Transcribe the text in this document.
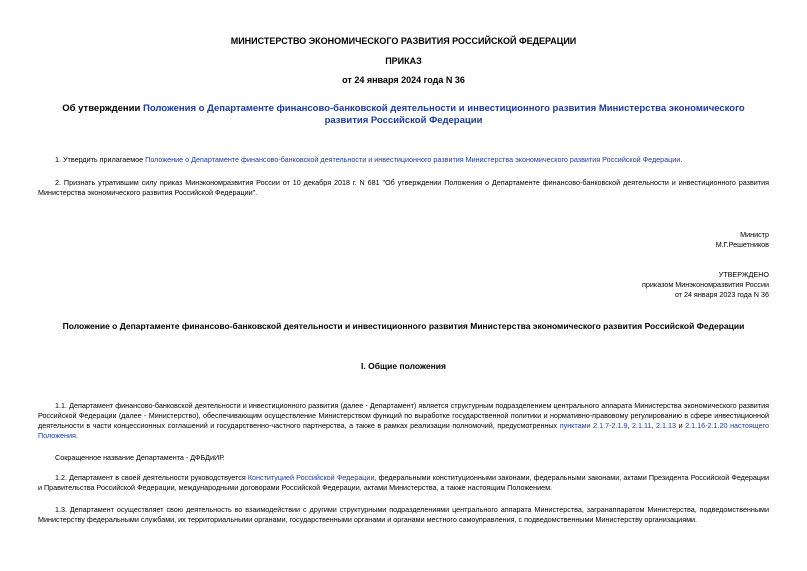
МИНИСТЕРСТВО ЭКОНОМИЧЕСКОГО РАЗВИТИЯ РОССИЙСКОЙ ФЕДЕРАЦИИ
ПРИКАЗ
от 24 января 2024 года N 36
Об утверждении Положения о Департаменте финансово-банковской деятельности и инвестиционного развития Министерства экономического развития Российской Федерации
1. Утвердить прилагаемое Положение о Департаменте финансово-банковской деятельности и инвестиционного развития Министерства экономического развития Российской Федерации.
2. Признать утратившим силу приказ Минэкономразвития России от 10 декабря 2018 г. N 681 "Об утверждении Положения о Департаменте финансово-банковской деятельности и инвестиционного развития Министерства экономического развития Российской Федерации".
Министр
М.Г.Решетников
УТВЕРЖДЕНО
приказом Минэкономразвития России
от 24 января 2023 года N 36
Положение о Департаменте финансово-банковской деятельности и инвестиционного развития Министерства экономического развития Российской Федерации
I. Общие положения
1.1. Департамент финансово-банковской деятельности и инвестиционного развития (далее - Департамент) является структурным подразделением центрального аппарата Министерства экономического развития Российской Федерации (далее - Министерство), обеспечивающим осуществление Министерством функций по выработке государственной политики и нормативно-правовому регулированию в сфере инвестиционной деятельности в части концессионных соглашений и государственно-частного партнерства, а также в рамках реализации полномочий, предусмотренных пунктами 2.1.7-2.1.9, 2.1.11, 2.1.13 и 2.1.16-2.1.20 настоящего Положения.
Сокращенное название Департамента - ДФБДиИР.
1.2. Департамент в своей деятельности руководствуется Конституцией Российской Федерации, федеральными конституционными законами, федеральными законами, актами Президента Российской Федерации и Правительства Российской Федерации, международными договорами Российской Федерации, актами Министерства, а также настоящим Положением.
1.3. Департамент осуществляет свою деятельность во взаимодействии с другими структурными подразделениями центрального аппарата Министерства, загранаппаратом Министерства, подведомственными Министерству федеральными службами, их территориальными органами, государственными органами и органами местного самоуправления, с подведомственными Министерству организациями.
